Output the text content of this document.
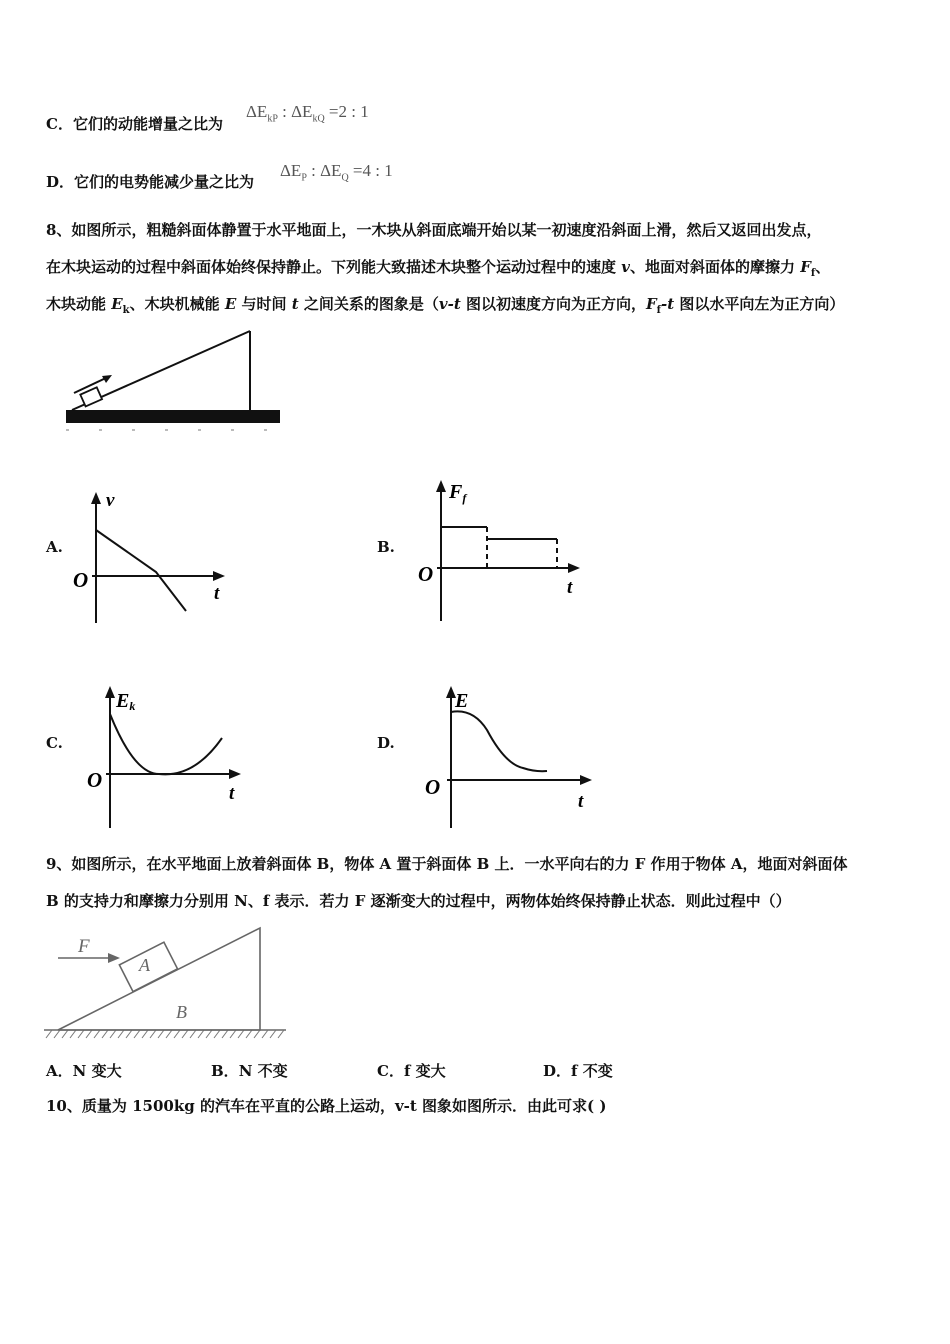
C．它们的动能增量之比为
$\Delta E_{kP}$ : $\Delta E_{kQ} =2$ : 1
D．它们的电势能减少量之比为
$\Delta E_P$ : $\Delta E_Q =4$ : 1
8、如图所示，粗糙斜面体静置于水平地面上，一木块从斜面底端开始以某一初速度沿斜面上滑，然后又返回出发点，
在木块运动的过程中斜面体始终保持静止。下列能大致描述木块整个运动过程中的速度 v、地面对斜面体的摩擦力 $F_f$、
木块动能 $E_k$、木块机械能 E 与时间 t 之间关系的图象是（v-t 图以初速度方向为正方向，$F_f-t$ 图以水平向左为正方向）
A.
v
t
O
B.
$F_f$
t
O
C.
Ek
t
O
D.
E
t
O
9、如图所示，在水平地面上放着斜面体 B，物体 A 置于斜面体 B 上．一水平向右的力 F 作用于物体 A，地面对斜面体
B 的支持力和摩擦力分别用 N、f 表示．若力 F 逐渐变大的过程中，两物体始终保持静止状态．则此过程中（）
F
A
B
A．N 变大	B．N 不变	C．f 变大	D．f 不变
10、质量为 1500kg 的汽车在平直的公路上运动，v-t 图象如图所示．由此可求( )
